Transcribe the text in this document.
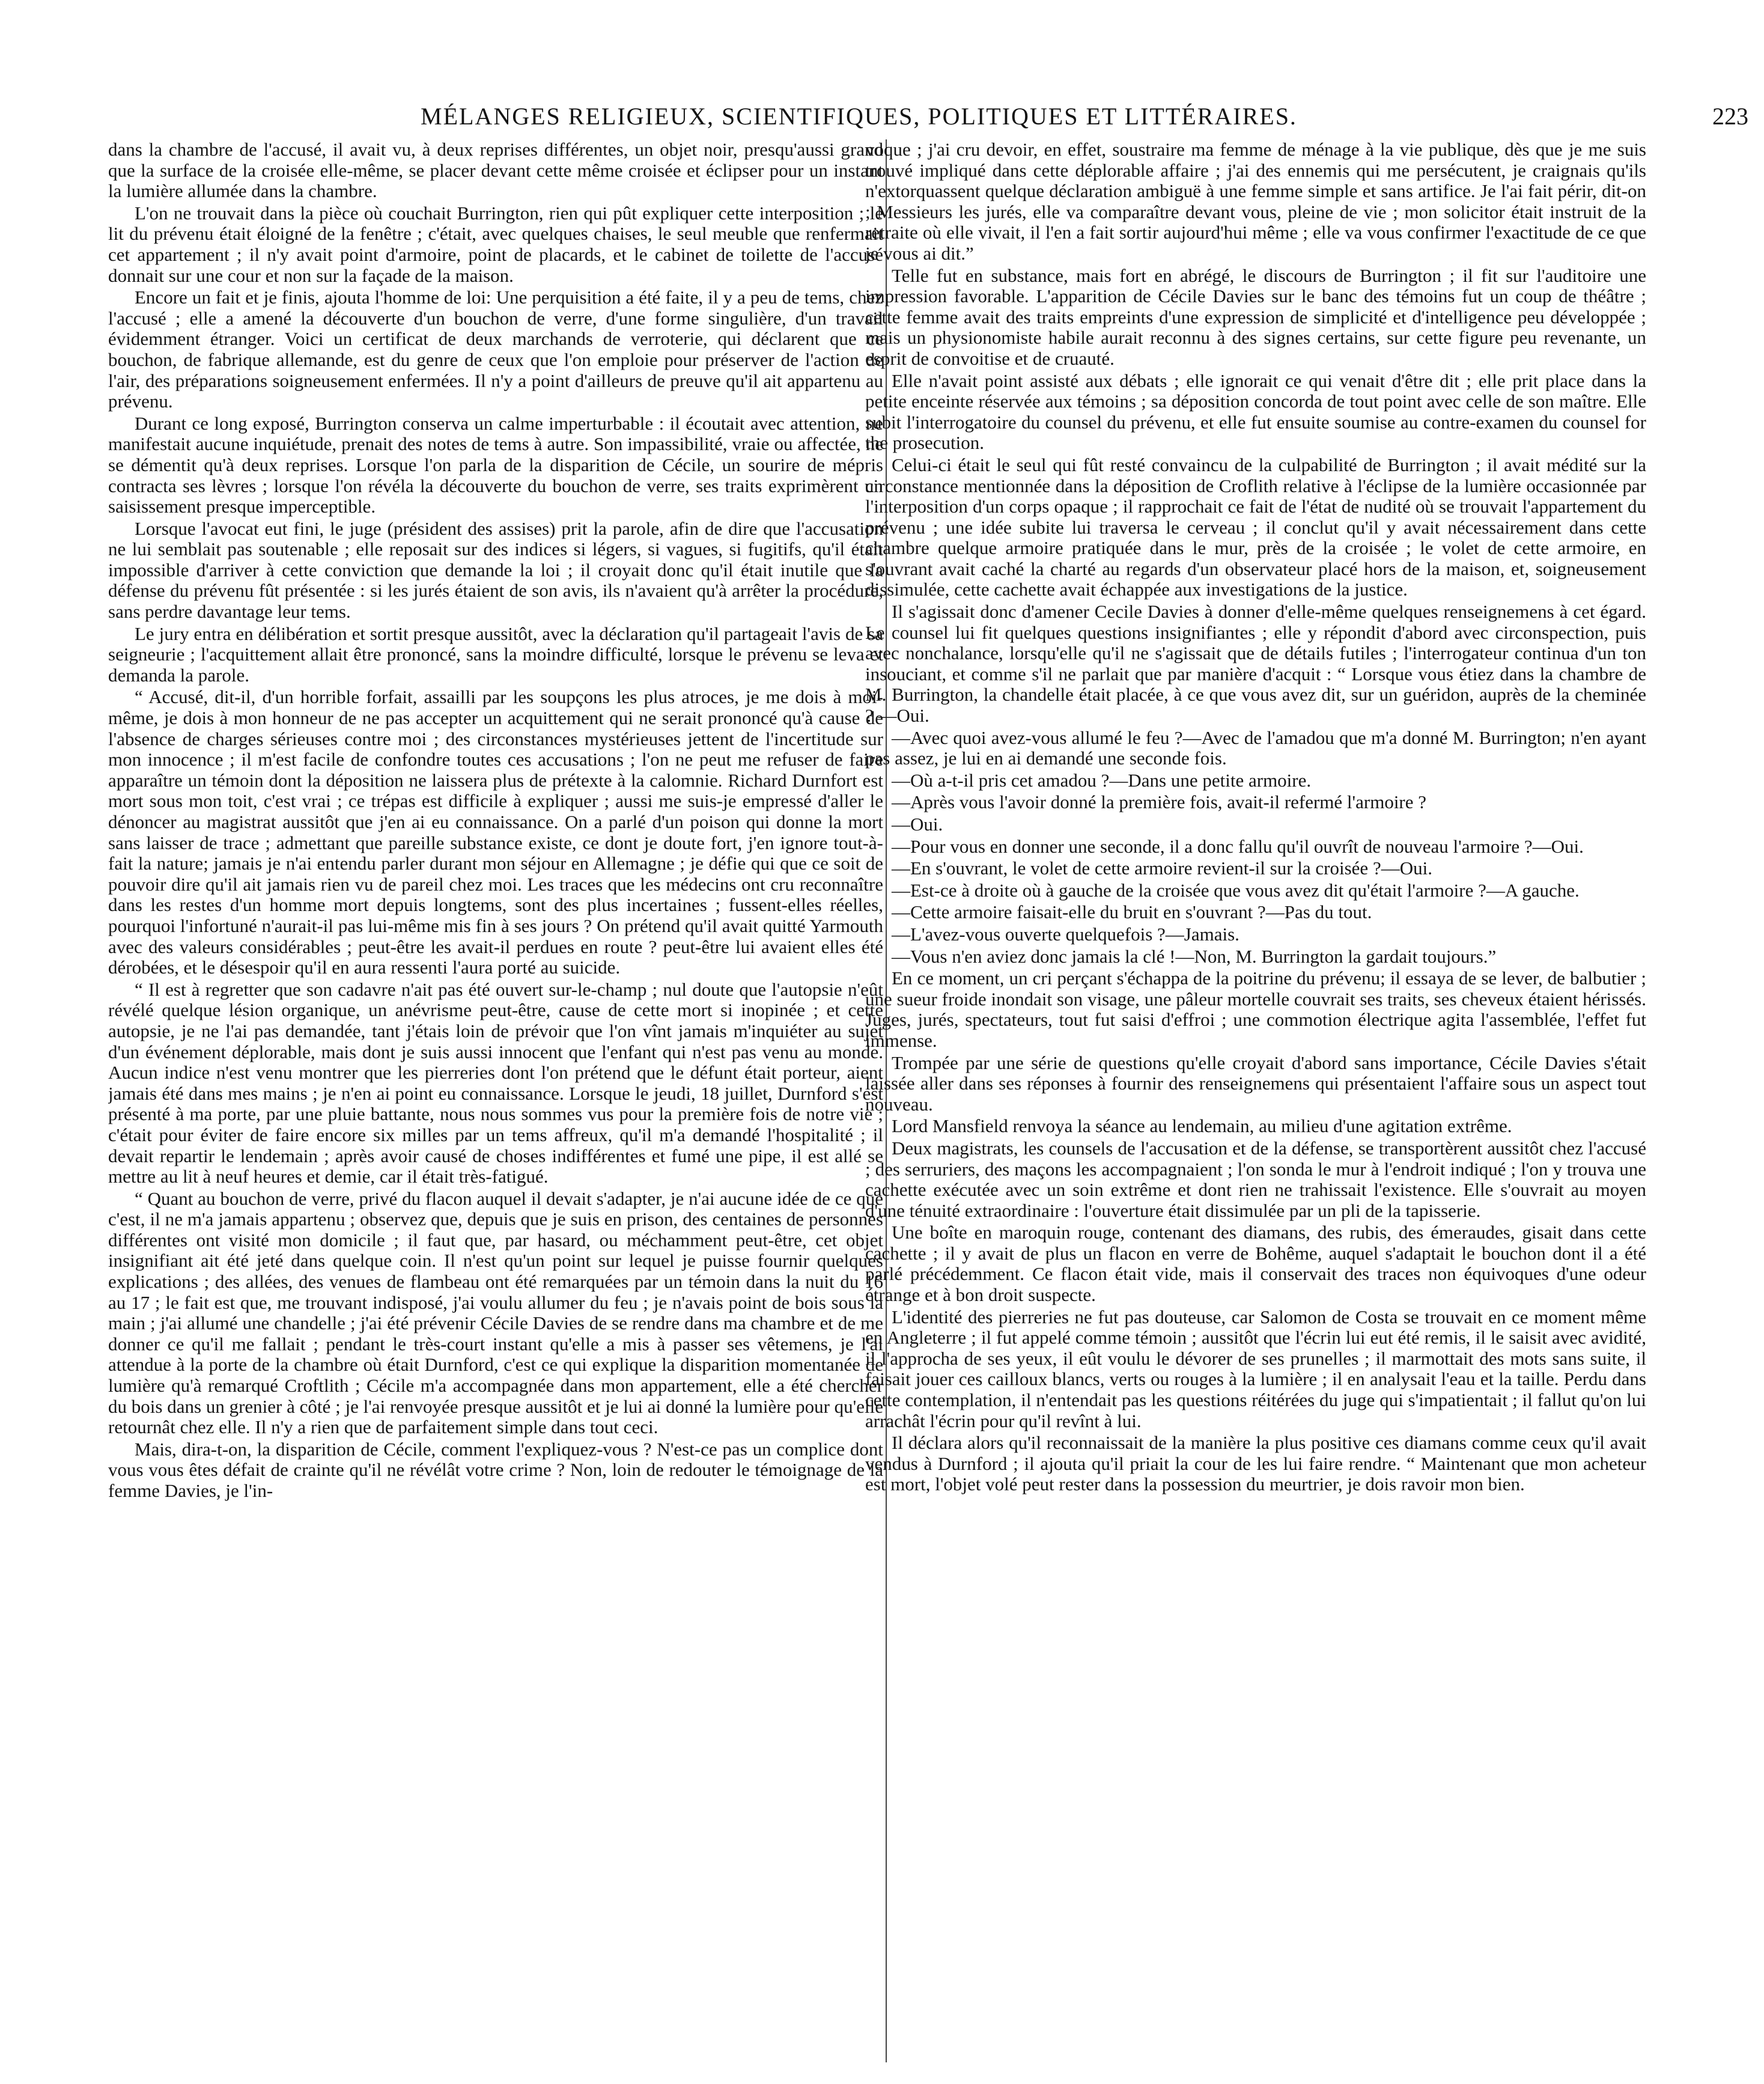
MÉLANGES RELIGIEUX, SCIENTIFIQUES, POLITIQUES ET LITTÉRAIRES.	223

dans la chambre de l'accusé, il avait vu, à deux reprises différentes, un objet noir, presqu'aussi grand que la surface de la croisée elle-même, se placer devant cette même croisée et éclipser pour un instant la lumière allumée dans la chambre.

L'on ne trouvait dans la pièce où couchait Burrington, rien qui pût expliquer cette interposition ; le lit du prévenu était éloigné de la fenêtre ; c'était, avec quelques chaises, le seul meuble que renfermait cet appartement ; il n'y avait point d'armoire, point de placards, et le cabinet de toilette de l'accusé donnait sur une cour et non sur la façade de la maison.

Encore un fait et je finis, ajouta l'homme de loi: Une perquisition a été faite, il y a peu de tems, chez l'accusé ; elle a amené la découverte d'un bouchon de verre, d'une forme singulière, d'un travail évidemment étranger. Voici un certificat de deux marchands de verroterie, qui déclarent que ce bouchon, de fabrique allemande, est du genre de ceux que l'on emploie pour préserver de l'action de l'air, des préparations soigneusement enfermées. Il n'y a point d'ailleurs de preuve qu'il ait appartenu au prévenu.

Durant ce long exposé, Burrington conserva un calme imperturbable : il écoutait avec attention, ne manifestait aucune inquiétude, prenait des notes de tems à autre. Son impassibilité, vraie ou affectée, ne se démentit qu'à deux reprises. Lorsque l'on parla de la disparition de Cécile, un sourire de mépris contracta ses lèvres ; lorsque l'on révéla la découverte du bouchon de verre, ses traits exprimèrent un saisissement presque imperceptible.

Lorsque l'avocat eut fini, le juge (président des assises) prit la parole, afin de dire que l'accusation ne lui semblait pas soutenable ; elle reposait sur des indices si légers, si vagues, si fugitifs, qu'il était impossible d'arriver à cette conviction que demande la loi ; il croyait donc qu'il était inutile que la défense du prévenu fût présentée : si les jurés étaient de son avis, ils n'avaient qu'à arrêter la procédure, sans perdre davantage leur tems.

Le jury entra en délibération et sortit presque aussitôt, avec la déclaration qu'il partageait l'avis de sa seigneurie ; l'acquittement allait être prononcé, sans la moindre difficulté, lorsque le prévenu se leva et demanda la parole.

“ Accusé, dit-il, d'un horrible forfait, assailli par les soupçons les plus atroces, je me dois à moi-même, je dois à mon honneur de ne pas accepter un acquittement qui ne serait prononcé qu'à cause de l'absence de charges sérieuses contre moi ; des circonstances mystérieuses jettent de l'incertitude sur mon innocence ; il m'est facile de confondre toutes ces accusations ; l'on ne peut me refuser de faire apparaître un témoin dont la déposition ne laissera plus de prétexte à la calomnie. Richard Durnfort est mort sous mon toit, c'est vrai ; ce trépas est difficile à expliquer ; aussi me suis-je empressé d'aller le dénoncer au magistrat aussitôt que j'en ai eu connaissance. On a parlé d'un poison qui donne la mort sans laisser de trace ; admettant que pareille substance existe, ce dont je doute fort, j'en ignore tout-à-fait la nature; jamais je n'ai entendu parler durant mon séjour en Allemagne ; je défie qui que ce soit de pouvoir dire qu'il ait jamais rien vu de pareil chez moi. Les traces que les médecins ont cru reconnaître dans les restes d'un homme mort depuis longtems, sont des plus incertaines ; fussent-elles réelles, pourquoi l'infortuné n'aurait-il pas lui-même mis fin à ses jours ? On prétend qu'il avait quitté Yarmouth avec des valeurs considérables ; peut-être les avait-il perdues en route ? peut-être lui avaient elles été dérobées, et le désespoir qu'il en aura ressenti l'aura porté au suicide.

“ Il est à regretter que son cadavre n'ait pas été ouvert sur-le-champ ; nul doute que l'autopsie n'eût révélé quelque lésion organique, un anévrisme peut-être, cause de cette mort si inopinée ; et cette autopsie, je ne l'ai pas demandée, tant j'étais loin de prévoir que l'on vînt jamais m'inquiéter au sujet d'un événement déplorable, mais dont je suis aussi innocent que l'enfant qui n'est pas venu au monde. Aucun indice n'est venu montrer que les pierreries dont l'on prétend que le défunt était porteur, aient jamais été dans mes mains ; je n'en ai point eu connaissance. Lorsque le jeudi, 18 juillet, Durnford s'est présenté à ma porte, par une pluie battante, nous nous sommes vus pour la première fois de notre vie ; c'était pour éviter de faire encore six milles par un tems affreux, qu'il m'a demandé l'hospitalité ; il devait repartir le lendemain ; après avoir causé de choses indifférentes et fumé une pipe, il est allé se mettre au lit à neuf heures et demie, car il était très-fatigué.

“ Quant au bouchon de verre, privé du flacon auquel il devait s'adapter, je n'ai aucune idée de ce que c'est, il ne m'a jamais appartenu ; observez que, depuis que je suis en prison, des centaines de personnes différentes ont visité mon domicile ; il faut que, par hasard, ou méchamment peut-être, cet objet insignifiant ait été jeté dans quelque coin. Il n'est qu'un point sur lequel je puisse fournir quelques explications ; des allées, des venues de flambeau ont été remarquées par un témoin dans la nuit du 16 au 17 ; le fait est que, me trouvant indisposé, j'ai voulu allumer du feu ; je n'avais point de bois sous la main ; j'ai allumé une chandelle ; j'ai été prévenir Cécile Davies de se rendre dans ma chambre et de me donner ce qu'il me fallait ; pendant le très-court instant qu'elle a mis à passer ses vêtemens, je l'ai attendue à la porte de la chambre où était Durnford, c'est ce qui explique la disparition momentanée de lumière qu'à remarqué Croftlith ; Cécile m'a accompagnée dans mon appartement, elle a été chercher du bois dans un grenier à côté ; je l'ai renvoyée presque aussitôt et je lui ai donné la lumière pour qu'elle retournât chez elle. Il n'y a rien que de parfaitement simple dans tout ceci.

Mais, dira-t-on, la disparition de Cécile, comment l'expliquez-vous ? N'est-ce pas un complice dont vous vous êtes défait de crainte qu'il ne révélât votre crime ? Non, loin de redouter le témoignage de la femme Davies, je l'in-

voque ; j'ai cru devoir, en effet, soustraire ma femme de ménage à la vie publique, dès que je me suis trouvé impliqué dans cette déplorable affaire ; j'ai des ennemis qui me persécutent, je craignais qu'ils n'extorquassent quelque déclaration ambiguë à une femme simple et sans artifice. Je l'ai fait périr, dit-on ; Messieurs les jurés, elle va comparaître devant vous, pleine de vie ; mon solicitor était instruit de la retraite où elle vivait, il l'en a fait sortir aujourd'hui même ; elle va vous confirmer l'exactitude de ce que je vous ai dit.”

Telle fut en substance, mais fort en abrégé, le discours de Burrington ; il fit sur l'auditoire une impression favorable. L'apparition de Cécile Davies sur le banc des témoins fut un coup de théâtre ; cette femme avait des traits empreints d'une expression de simplicité et d'intelligence peu développée ; mais un physionomiste habile aurait reconnu à des signes certains, sur cette figure peu revenante, un esprit de convoitise et de cruauté.

Elle n'avait point assisté aux débats ; elle ignorait ce qui venait d'être dit ; elle prit place dans la petite enceinte réservée aux témoins ; sa déposition concorda de tout point avec celle de son maître. Elle subit l'interrogatoire du counsel du prévenu, et elle fut ensuite soumise au contre-examen du counsel for the prosecution.

Celui-ci était le seul qui fût resté convaincu de la culpabilité de Burrington ; il avait médité sur la circonstance mentionnée dans la déposition de Croflith relative à l'éclipse de la lumière occasionnée par l'interposition d'un corps opaque ; il rapprochait ce fait de l'état de nudité où se trouvait l'appartement du prévenu ; une idée subite lui traversa le cerveau ; il conclut qu'il y avait nécessairement dans cette chambre quelque armoire pratiquée dans le mur, près de la croisée ; le volet de cette armoire, en s'ouvrant avait caché la charté au regards d'un observateur placé hors de la maison, et, soigneusement dissimulée, cette cachette avait échappée aux investigations de la justice.

Il s'agissait donc d'amener Cecile Davies à donner d'elle-même quelques renseignemens à cet égard. Le counsel lui fit quelques questions insignifiantes ; elle y répondit d'abord avec circonspection, puis avec nonchalance, lorsqu'elle qu'il ne s'agissait que de détails futiles ; l'interrogateur continua d'un ton insouciant, et comme s'il ne parlait que par manière d'acquit : “ Lorsque vous étiez dans la chambre de M. Burrington, la chandelle était placée, à ce que vous avez dit, sur un guéridon, auprès de la cheminée ? —Oui.

—Avec quoi avez-vous allumé le feu ?—Avec de l'amadou que m'a donné M. Burrington; n'en ayant pas assez, je lui en ai demandé une seconde fois.

—Où a-t-il pris cet amadou ?—Dans une petite armoire.

—Après vous l'avoir donné la première fois, avait-il refermé l'armoire ?

—Oui.

—Pour vous en donner une seconde, il a donc fallu qu'il ouvrît de nouveau l'armoire ?—Oui.

—En s'ouvrant, le volet de cette armoire revient-il sur la croisée ?—Oui.

—Est-ce à droite où à gauche de la croisée que vous avez dit qu'était l'armoire ?—A gauche.

—Cette armoire faisait-elle du bruit en s'ouvrant ?—Pas du tout.

—L'avez-vous ouverte quelquefois ?—Jamais.

—Vous n'en aviez donc jamais la clé !—Non, M. Burrington la gardait toujours.”

En ce moment, un cri perçant s'échappa de la poitrine du prévenu; il essaya de se lever, de balbutier ; une sueur froide inondait son visage, une pâleur mortelle couvrait ses traits, ses cheveux étaient hérissés. Juges, jurés, spectateurs, tout fut saisi d'effroi ; une commotion électrique agita l'assemblée, l'effet fut immense.

Trompée par une série de questions qu'elle croyait d'abord sans importance, Cécile Davies s'était laissée aller dans ses réponses à fournir des renseignemens qui présentaient l'affaire sous un aspect tout nouveau.

Lord Mansfield renvoya la séance au lendemain, au milieu d'une agitation extrême.

Deux magistrats, les counsels de l'accusation et de la défense, se transportèrent aussitôt chez l'accusé ; des serruriers, des maçons les accompagnaient ; l'on sonda le mur à l'endroit indiqué ; l'on y trouva une cachette exécutée avec un soin extrême et dont rien ne trahissait l'existence. Elle s'ouvrait au moyen d'une ténuité extraordinaire : l'ouverture était dissimulée par un pli de la tapisserie.

Une boîte en maroquin rouge, contenant des diamans, des rubis, des émeraudes, gisait dans cette cachette ; il y avait de plus un flacon en verre de Bohême, auquel s'adaptait le bouchon dont il a été parlé précédemment. Ce flacon était vide, mais il conservait des traces non équivoques d'une odeur étrange et à bon droit suspecte.

L'identité des pierreries ne fut pas douteuse, car Salomon de Costa se trouvait en ce moment même en Angleterre ; il fut appelé comme témoin ; aussitôt que l'écrin lui eut été remis, il le saisit avec avidité, il l'approcha de ses yeux, il eût voulu le dévorer de ses prunelles ; il marmottait des mots sans suite, il faisait jouer ces cailloux blancs, verts ou rouges à la lumière ; il en analysait l'eau et la taille. Perdu dans cette contemplation, il n'entendait pas les questions réitérées du juge qui s'impatientait ; il fallut qu'on lui arrachât l'écrin pour qu'il revînt à lui.

Il déclara alors qu'il reconnaissait de la manière la plus positive ces diamans comme ceux qu'il avait vendus à Durnford ; il ajouta qu'il priait la cour de les lui faire rendre. “ Maintenant que mon acheteur est mort, l'objet volé peut rester dans la possession du meurtrier, je dois ravoir mon bien.
